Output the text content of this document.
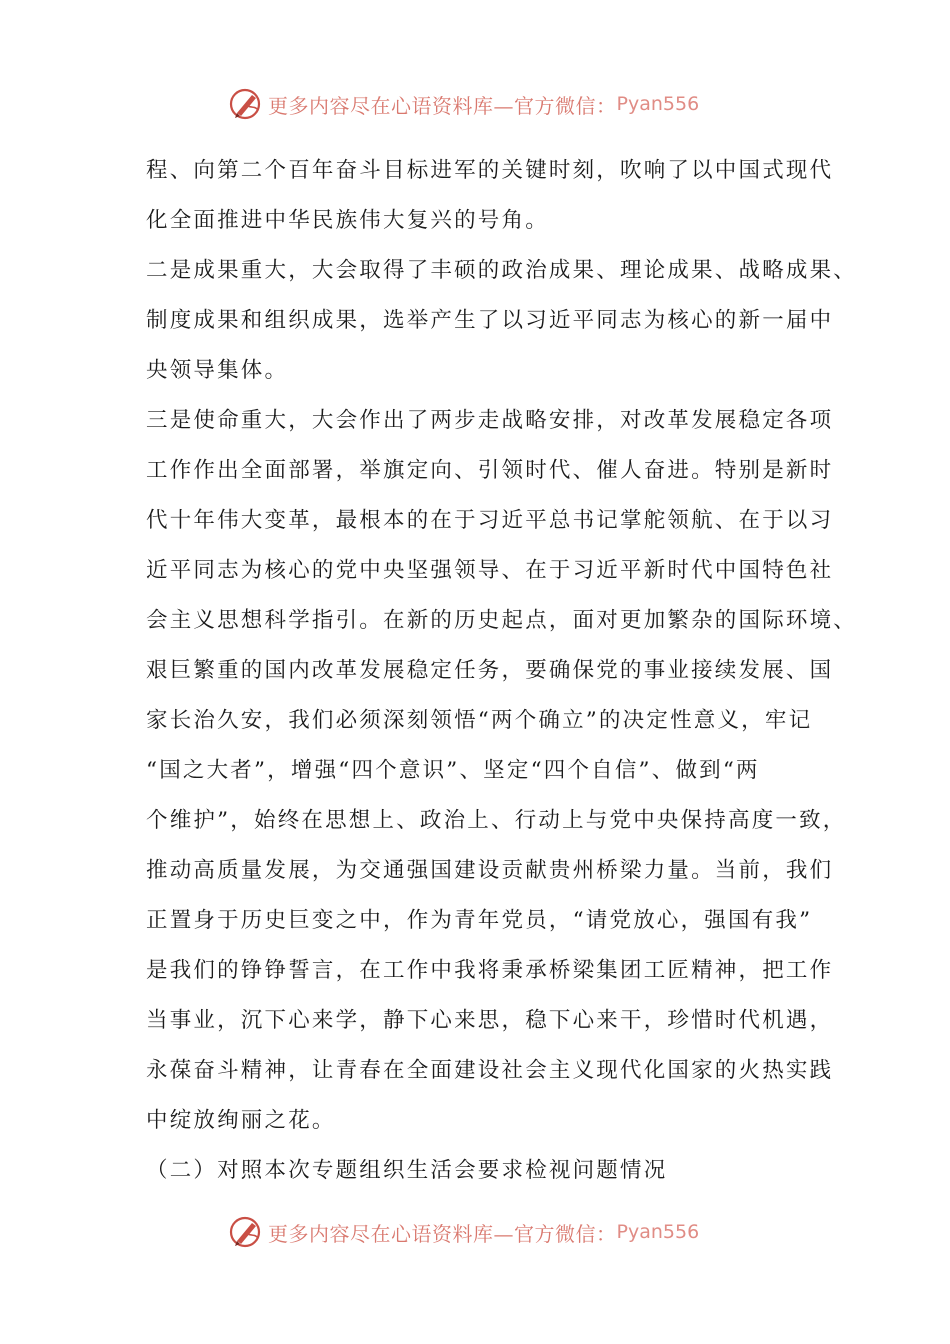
更多内容尽在心语资料库—官方微信： Pyan556
程、向第二个百年奋斗目标进军的关键时刻，吹响了以中国式现代
化全面推进中华民族伟大复兴的号角。
二是成果重大，大会取得了丰硕的政治成果、理论成果、战略成果、
制度成果和组织成果，选举产生了以习近平同志为核心的新一届中
央领导集体。
三是使命重大，大会作出了两步走战略安排，对改革发展稳定各项
工作作出全面部署，举旗定向、引领时代、催人奋进。特别是新时
代十年伟大变革，最根本的在于习近平总书记掌舵领航、在于以习
近平同志为核心的党中央坚强领导、在于习近平新时代中国特色社
会主义思想科学指引。在新的历史起点，面对更加繁杂的国际环境、
艰巨繁重的国内改革发展稳定任务，要确保党的事业接续发展、国
家长治久安，我们必须深刻领悟“两个确立”的决定性意义，牢记
“国之大者”，增强“四个意识”、坚定“四个自信”、做到“两
个维护”，始终在思想上、政治上、行动上与党中央保持高度一致，
推动高质量发展，为交通强国建设贡献贵州桥梁力量。当前，我们
正置身于历史巨变之中，作为青年党员，“请党放心，强国有我”
是我们的铮铮誓言，在工作中我将秉承桥梁集团工匠精神，把工作
当事业，沉下心来学，静下心来思，稳下心来干，珍惜时代机遇，
永葆奋斗精神，让青春在全面建设社会主义现代化国家的火热实践
中绽放绚丽之花。
（二）对照本次专题组织生活会要求检视问题情况
更多内容尽在心语资料库—官方微信： Pyan556
